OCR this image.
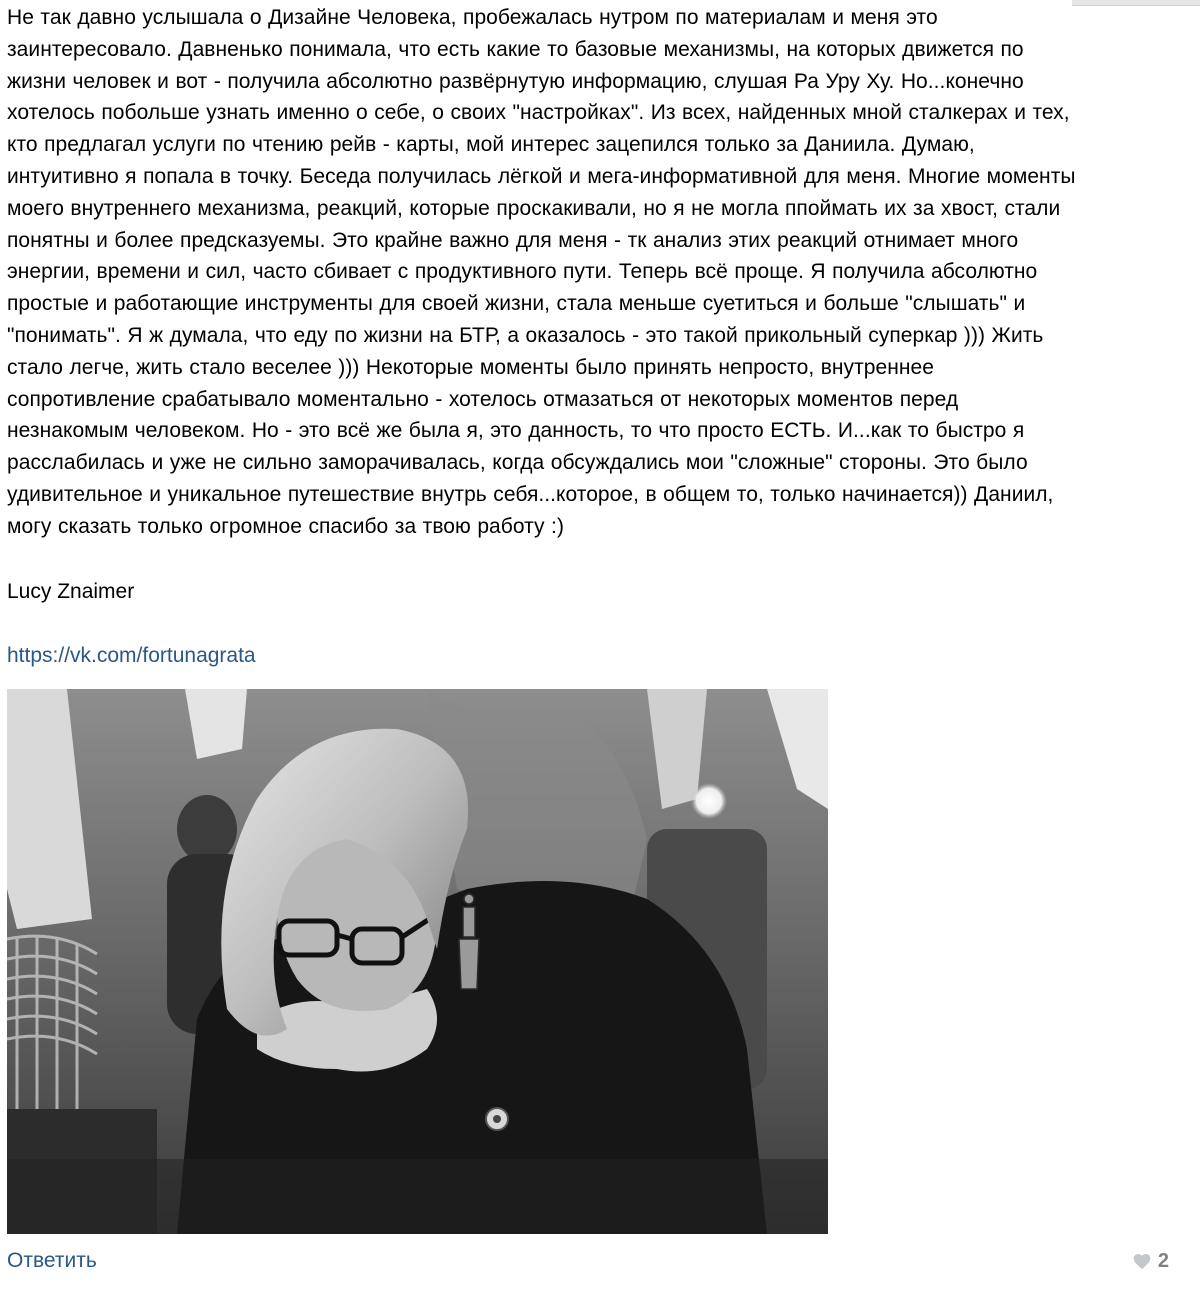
Не так давно услышала о Дизайне Человека, пробежалась нутром по материалам и меня это
заинтересовало. Давненько понимала, что есть какие то базовые механизмы, на которых движется по
жизни человек и вот - получила абсолютно развёрнутую информацию, слушая Ра Уру Ху. Но...конечно
хотелось побольше узнать именно о себе, о своих "настройках". Из всех, найденных мной сталкерах и тех,
кто предлагал услуги по чтению рейв - карты, мой интерес зацепился только за Даниила. Думаю,
интуитивно я попала в точку. Беседа получилась лёгкой и мега-информативной для меня. Многие моменты
моего внутреннего механизма, реакций, которые проскакивали, но я не могла ппоймать их за хвост, стали
понятны и более предсказуемы. Это крайне важно для меня - тк анализ этих реакций отнимает много
энергии, времени и сил, часто сбивает с продуктивного пути. Теперь всё проще. Я получила абсолютно
простые и работающие инструменты для своей жизни, стала меньше суетиться и больше "слышать" и
"понимать". Я ж думала, что еду по жизни на БТР, а оказалось - это такой прикольный суперкар ))) Жить
стало легче, жить стало веселее ))) Некоторые моменты было принять непросто, внутреннее
сопротивление срабатывало моментально - хотелось отмазаться от некоторых моментов перед
незнакомым человеком. Но - это всё же была я, это данность, то что просто ЕСТЬ. И...как то быстро я
расслабилась и уже не сильно заморачивалась, когда обсуждались мои "сложные" стороны. Это было
удивительное и уникальное путешествие внутрь себя...которое, в общем то, только начинается)) Даниил,
могу сказать только огромное спасибо за твою работу :)

Lucy Znaimer
https://vk.com/fortunagrata
Ответить	2
